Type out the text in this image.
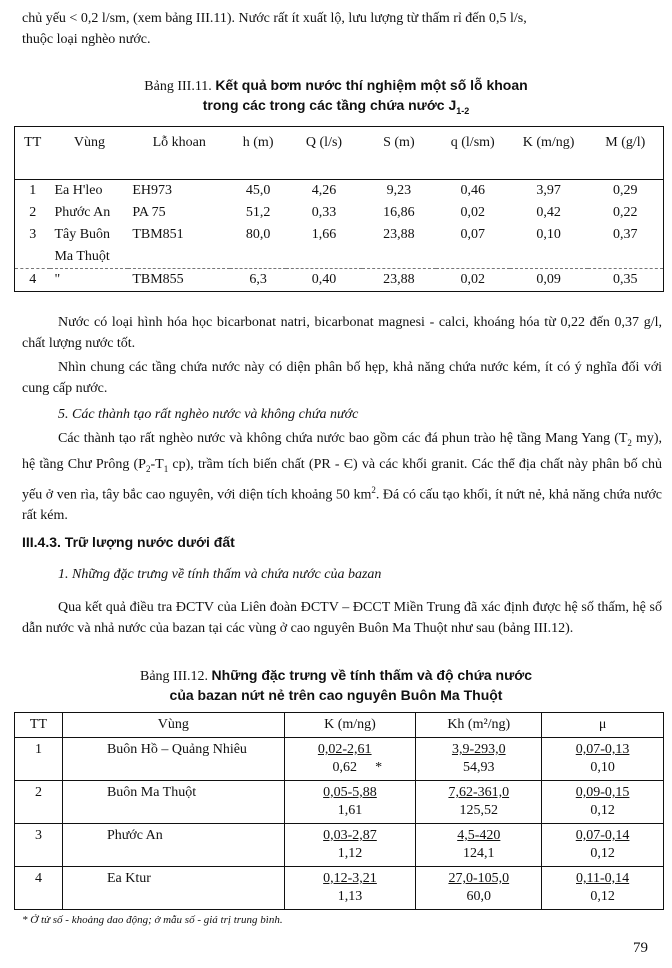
chủ yếu < 0,2 l/sm, (xem bảng III.11). Nước rất ít xuất lộ, lưu lượng từ thấm rỉ đến 0,5 l/s,
thuộc loại nghèo nước.
Bảng III.11. Kết quả bơm nước thí nghiệm một số lỗ khoan
trong các trong các tầng chứa nước $J_{1-2}$
TT	Vùng	Lỗ khoan	h (m)	Q (l/s)	S (m)	q (l/sm)	K (m/ng)	M (g/l)
1	Ea H'leo	EH973	45,0	4,26	9,23	0,46	3,97	0,29
2	Phước An	PA 75	51,2	0,33	16,86	0,02	0,42	0,22
3	Tây Buôn	TBM851	80,0	1,66	23,88	0,07	0,10	0,37
	Ma Thuột							
4	"	TBM855	6,3	0,40	23,88	0,02	0,09	0,35
Nước có loại hình hóa học bicarbonat natri, bicarbonat magnesi - calci, khoáng hóa từ 0,22 đến 0,37 g/l, chất lượng nước tốt.
Nhìn chung các tầng chứa nước này có diện phân bố hẹp, khả năng chứa nước kém, ít có ý nghĩa đối với cung cấp nước.
5. Các thành tạo rất nghèo nước và không chứa nước
Các thành tạo rất nghèo nước và không chứa nước bao gồm các đá phun trào hệ tầng Mang Yang ($T_2$ my), hệ tầng Chư Prông ($P_2-T_1$ cp), trầm tích biến chất (PR - Є) và các khối granit. Các thể địa chất này phân bố chủ yếu ở ven rìa, tây bắc cao nguyên, với diện tích khoảng 50 $km^2$. Đá có cấu tạo khối, ít nứt nẻ, khả năng chứa nước rất kém.
III.4.3. Trữ lượng nước dưới đất
1. Những đặc trưng về tính thấm và chứa nước của bazan
Qua kết quả điều tra ĐCTV của Liên đoàn ĐCTV – ĐCCT Miền Trung đã xác định được hệ số thấm, hệ số dẫn nước và nhả nước của bazan tại các vùng ở cao nguyên Buôn Ma Thuột như sau (bảng III.12).
Bảng III.12. Những đặc trưng về tính thấm và độ chứa nước
của bazan nứt nẻ trên cao nguyên Buôn Ma Thuột
TT	Vùng	K (m/ng)	Kh (m²/ng)	μ
1	Buôn Hồ – Quảng Nhiêu	$\frac{0,02-2,61}{0,62}$ *	$\frac{3,9-293,0}{54,93}$	$\frac{0,07-0,13}{0,10}$

2	Buôn Ma Thuột	$\frac{0,05-5,88}{1,61}$	$\frac{7,62-361,0}{125,52}$	$\frac{0,09-0,15}{0,12}$

3	Phước An	$\frac{0,03-2,87}{1,12}$	$\frac{4,5-420}{124,1}$	$\frac{0,07-0,14}{0,12}$

4	Ea Ktur	$\frac{0,12-3,21}{1,13}$	$\frac{27,0-105,0}{60,0}$	$\frac{0,11-0,14}{0,12}$
* Ở tử số - khoảng dao động; ở mẫu số - giá trị trung bình.
79
